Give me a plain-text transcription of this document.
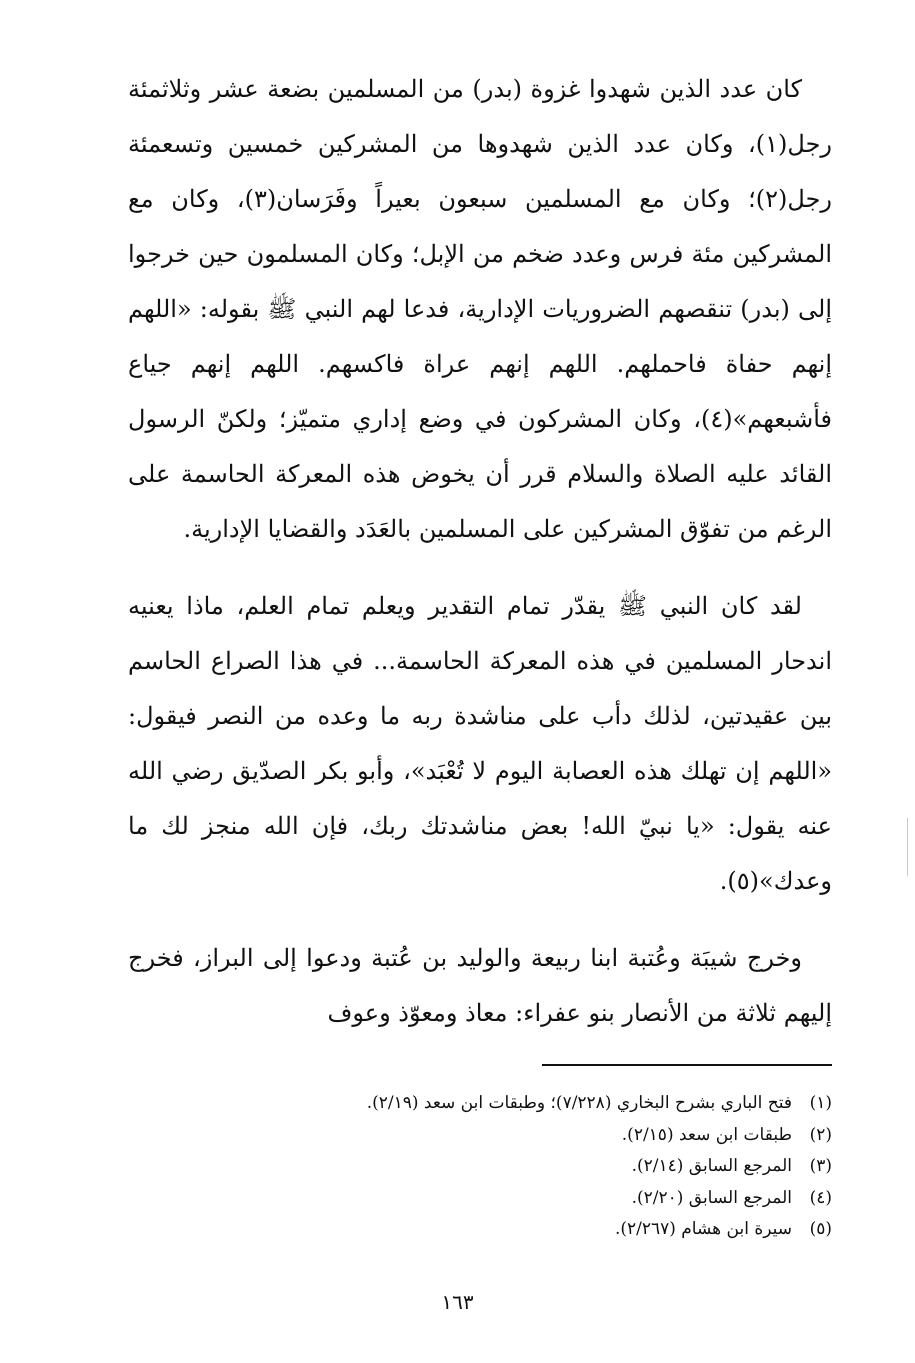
كان عدد الذين شهدوا غزوة (بدر) من المسلمين بضعة عشر وثلاثمئة رجل(١)، وكان عدد الذين شهدوها من المشركين خمسين وتسعمئة رجل(٢)؛ وكان مع المسلمين سبعون بعيراً وفَرَسان(٣)، وكان مع المشركين مئة فرس وعدد ضخم من الإبل؛ وكان المسلمون حين خرجوا إلى (بدر) تنقصهم الضروريات الإدارية، فدعا لهم النبي ﷺ بقوله: «اللهم إنهم حفاة فاحملهم. اللهم إنهم عراة فاكسهم. اللهم إنهم جياع فأشبعهم»(٤)، وكان المشركون في وضع إداري متميّز؛ ولكنّ الرسول القائد عليه الصلاة والسلام قرر أن يخوض هذه المعركة الحاسمة على الرغم من تفوّق المشركين على المسلمين بالعَدَد والقضايا الإدارية.

لقد كان النبي ﷺ يقدّر تمام التقدير ويعلم تمام العلم، ماذا يعنيه اندحار المسلمين في هذه المعركة الحاسمة... في هذا الصراع الحاسم بين عقيدتين، لذلك دأب على مناشدة ربه ما وعده من النصر فيقول: «اللهم إن تهلك هذه العصابة اليوم لا تُعْبَد»، وأبو بكر الصدّيق رضي الله عنه يقول: «يا نبيّ الله! بعض مناشدتك ربك، فإن الله منجز لك ما وعدك»(٥).

وخرج شيبَة وعُتبة ابنا ربيعة والوليد بن عُتبة ودعوا إلى البراز، فخرج إليهم ثلاثة من الأنصار بنو عفراء: معاذ ومعوّذ وعوف

(١)
فتح الباري بشرح البخاري (٧/٢٢٨)؛ وطبقات ابن سعد (٢/١٩).
(٢)
طبقات ابن سعد (٢/١٥).
(٣)
المرجع السابق (٢/١٤).
(٤)
المرجع السابق (٢/٢٠).
(٥)
سيرة ابن هشام (٢/٢٦٧).
١٦٣
